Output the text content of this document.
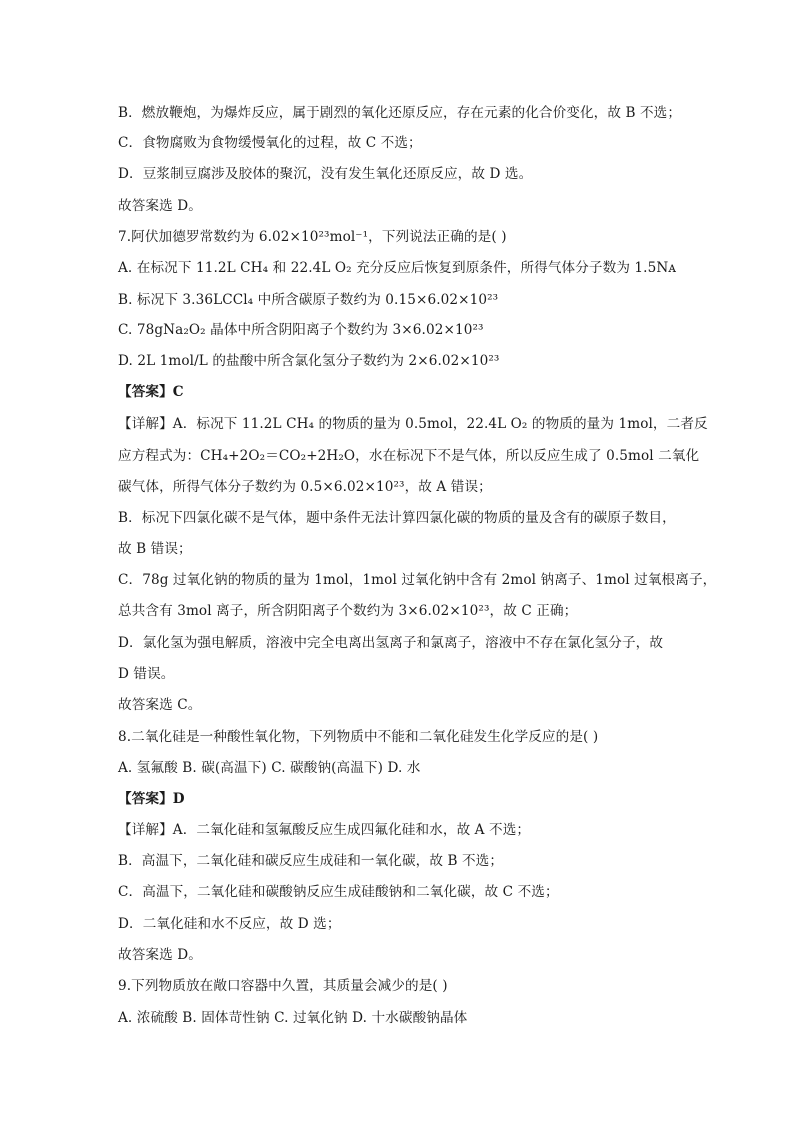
B．燃放鞭炮，为爆炸反应，属于剧烈的氧化还原反应，存在元素的化合价变化，故 B 不选；
C．食物腐败为食物缓慢氧化的过程，故 C 不选；
D．豆浆制豆腐涉及胶体的聚沉，没有发生氧化还原反应，故 D 选。
故答案选 D。
7.阿伏加德罗常数约为 6.02×10²³mol⁻¹，下列说法正确的是( )
A. 在标况下 11.2L CH₄ 和 22.4L O₂ 充分反应后恢复到原条件，所得气体分子数为 1.5Nᴀ
B. 标况下 3.36LCCl₄ 中所含碳原子数约为 0.15×6.02×10²³
C. 78gNa₂O₂ 晶体中所含阴阳离子个数约为 3×6.02×10²³
D. 2L 1mol/L 的盐酸中所含氯化氢分子数约为 2×6.02×10²³
【答案】C
【详解】A．标况下 11.2L CH₄ 的物质的量为 0.5mol，22.4L O₂ 的物质的量为 1mol，二者反
应方程式为：CH₄+2O₂＝CO₂+2H₂O，水在标况下不是气体，所以反应生成了 0.5mol 二氧化
碳气体，所得气体分子数约为 0.5×6.02×10²³，故 A 错误；
B．标况下四氯化碳不是气体，题中条件无法计算四氯化碳的物质的量及含有的碳原子数目，
故 B 错误；
C．78g 过氧化钠的物质的量为 1mol，1mol 过氧化钠中含有 2mol 钠离子、1mol 过氧根离子，
总共含有 3mol 离子，所含阴阳离子个数约为 3×6.02×10²³，故 C 正确；
D．氯化氢为强电解质，溶液中完全电离出氢离子和氯离子，溶液中不存在氯化氢分子，故
D 错误。
故答案选 C。
8.二氧化硅是一种酸性氧化物，下列物质中不能和二氧化硅发生化学反应的是( )
A. 氢氟酸 B. 碳(高温下) C. 碳酸钠(高温下) D. 水
【答案】D
【详解】A．二氧化硅和氢氟酸反应生成四氟化硅和水，故 A 不选；
B．高温下，二氧化硅和碳反应生成硅和一氧化碳，故 B 不选；
C．高温下，二氧化硅和碳酸钠反应生成硅酸钠和二氧化碳，故 C 不选；
D．二氧化硅和水不反应，故 D 选；
故答案选 D。
9.下列物质放在敞口容器中久置，其质量会减少的是( )
A. 浓硫酸 B. 固体苛性钠 C. 过氧化钠 D. 十水碳酸钠晶体
